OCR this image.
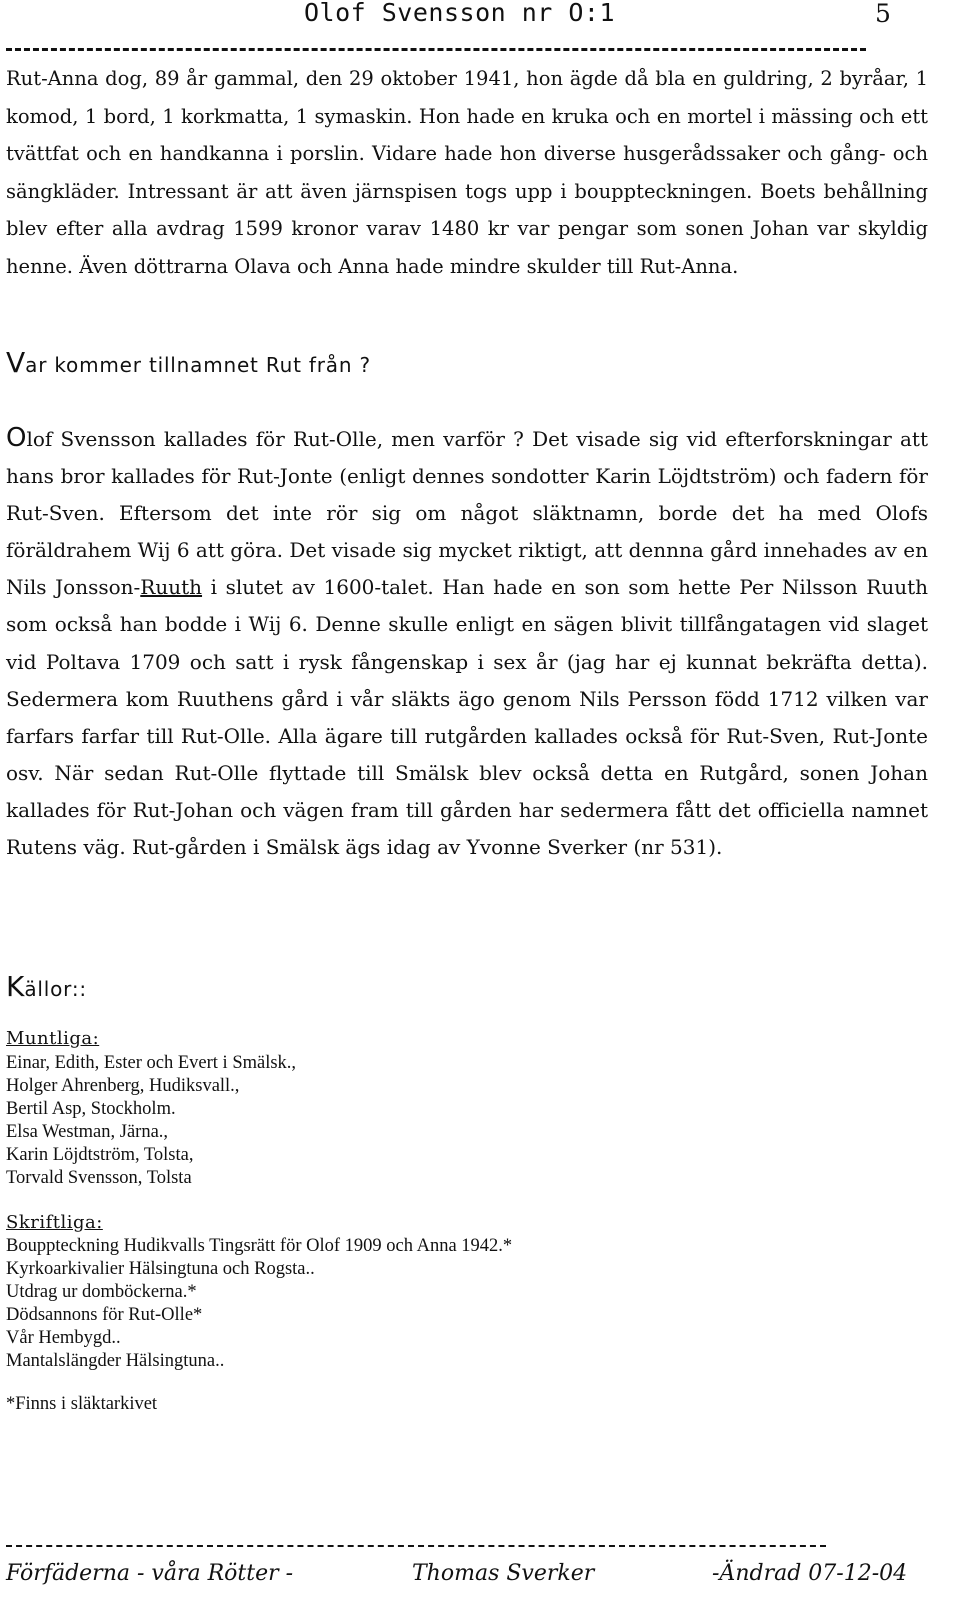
Olof Svensson nr O:1	5

Rut-Anna dog, 89 år gammal, den 29 oktober 1941, hon ägde då bla en guldring, 2 byråar, 1 komod, 1 bord, 1 korkmatta, 1 symaskin. Hon hade en kruka och en mortel i mässing och ett tvättfat och en handkanna i porslin. Vidare hade hon diverse husgerådssaker och gång- och sängkläder. Intressant är att även järnspisen togs upp i bouppteckningen. Boets behållning blev efter alla avdrag 1599 kronor varav 1480 kr var pengar som sonen Johan var skyldig henne. Även döttrarna Olava och Anna hade mindre skulder till Rut-Anna.

Var kommer tillnamnet Rut från ?

Olof Svensson kallades för Rut-Olle, men varför ? Det visade sig vid efterforskningar att hans bror kallades för Rut-Jonte (enligt dennes sondotter Karin Löjdtström) och fadern för Rut-Sven. Eftersom det inte rör sig om något släktnamn, borde det ha med Olofs föräldrahem Wij 6 att göra. Det visade sig mycket riktigt, att dennna gård innehades av en Nils Jonsson-Ruuth i slutet av 1600-talet. Han hade en son som hette Per Nilsson Ruuth som också han bodde i Wij 6. Denne skulle enligt en sägen blivit tillfångatagen vid slaget vid Poltava 1709 och satt i rysk fångenskap i sex år (jag har ej kunnat bekräfta detta). Sedermera kom Ruuthens gård i vår släkts ägo genom Nils Persson född 1712 vilken var farfars farfar till Rut-Olle. Alla ägare till rutgården kallades också för Rut-Sven, Rut-Jonte osv. När sedan Rut-Olle flyttade till Smälsk blev också detta en Rutgård, sonen Johan kallades för Rut-Johan och vägen fram till gården har sedermera fått det officiella namnet Rutens väg. Rut-gården i Smälsk ägs idag av Yvonne Sverker (nr 531).

Källor::
Muntliga:
Einar, Edith, Ester och Evert i Smälsk.,
Holger Ahrenberg, Hudiksvall.,
Bertil Asp, Stockholm.
Elsa Westman, Järna.,
Karin Löjdtström, Tolsta,
Torvald Svensson, Tolsta
Skriftliga:
Bouppteckning Hudikvalls Tingsrätt för Olof 1909 och Anna 1942.*
Kyrkoarkivalier Hälsingtuna och Rogsta..
Utdrag ur domböckerna.*
Dödsannons för Rut-Olle*
Vår Hembygd..
Mantalslängder Hälsingtuna..

*Finns i släktarkivet

Förfäderna - våra Rötter -	Thomas Sverker	-Ändrad 07-12-04
